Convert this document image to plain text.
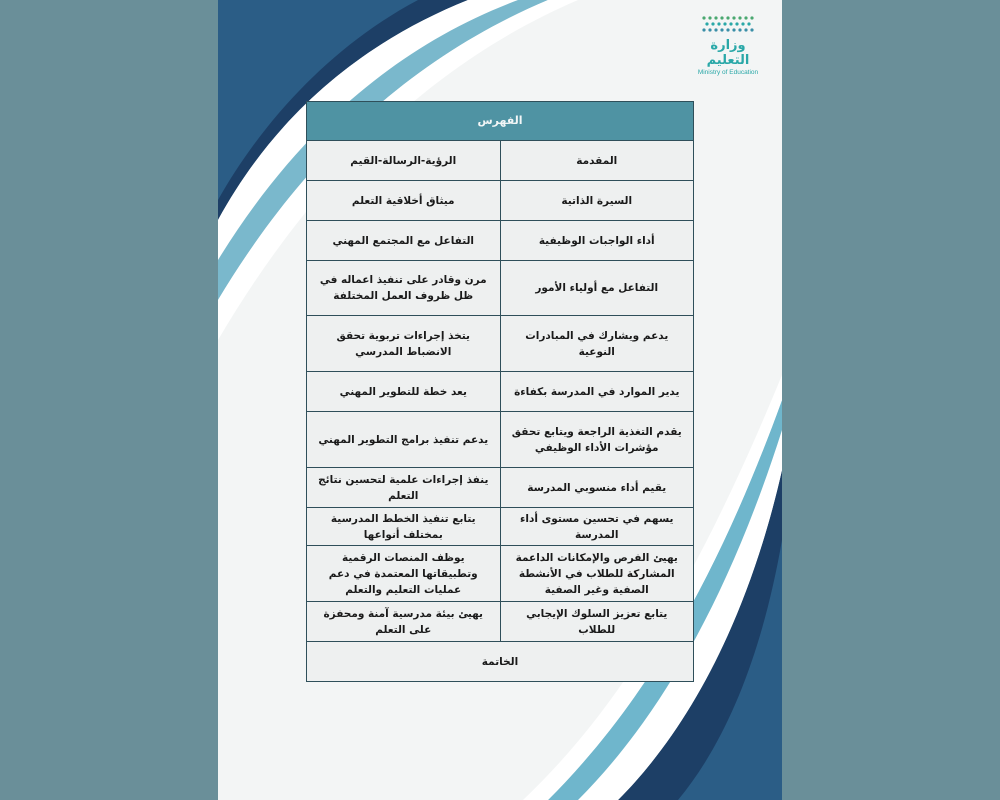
وزارة التعليم
Ministry of Education
الفهرس	
المقدمة	الرؤية-الرسالة-القيم
السيرة الذاتية	ميثاق أخلاقية التعلم
أداء الواجبات الوظيفية	التفاعل مع المجتمع المهني
التفاعل مع أولياء الأمور	مرن وقادر على تنفيذ اعماله في ظل ظروف العمل المختلفة
يدعم ويشارك في المبادرات النوعية	يتخذ إجراءات تربوية تحقق الانضباط المدرسي
يدير الموارد في المدرسة بكفاءة	يعد خطة للتطوير المهني
يقدم التغذية الراجعة ويتابع تحقق مؤشرات الأداء الوظيفي	يدعم تنفيذ برامج التطوير المهني
يقيم أداء منسوبي المدرسة	ينفذ إجراءات علمية لتحسين نتائج التعلم
يسهم في تحسين مستوى أداء المدرسة	يتابع تنفيذ الخطط المدرسية بمختلف أنواعها
يهيئ الفرص والإمكانات الداعمة المشاركة للطلاب في الأنشطة الصفية وغير الصفية	يوظف المنصات الرقمية وتطبيقاتها المعتمدة في دعم عمليات التعليم والتعلم
يتابع تعزيز السلوك الإيجابي للطلاب	يهيئ بيئة مدرسية آمنة ومحفزة على التعلم
الخاتمة	
